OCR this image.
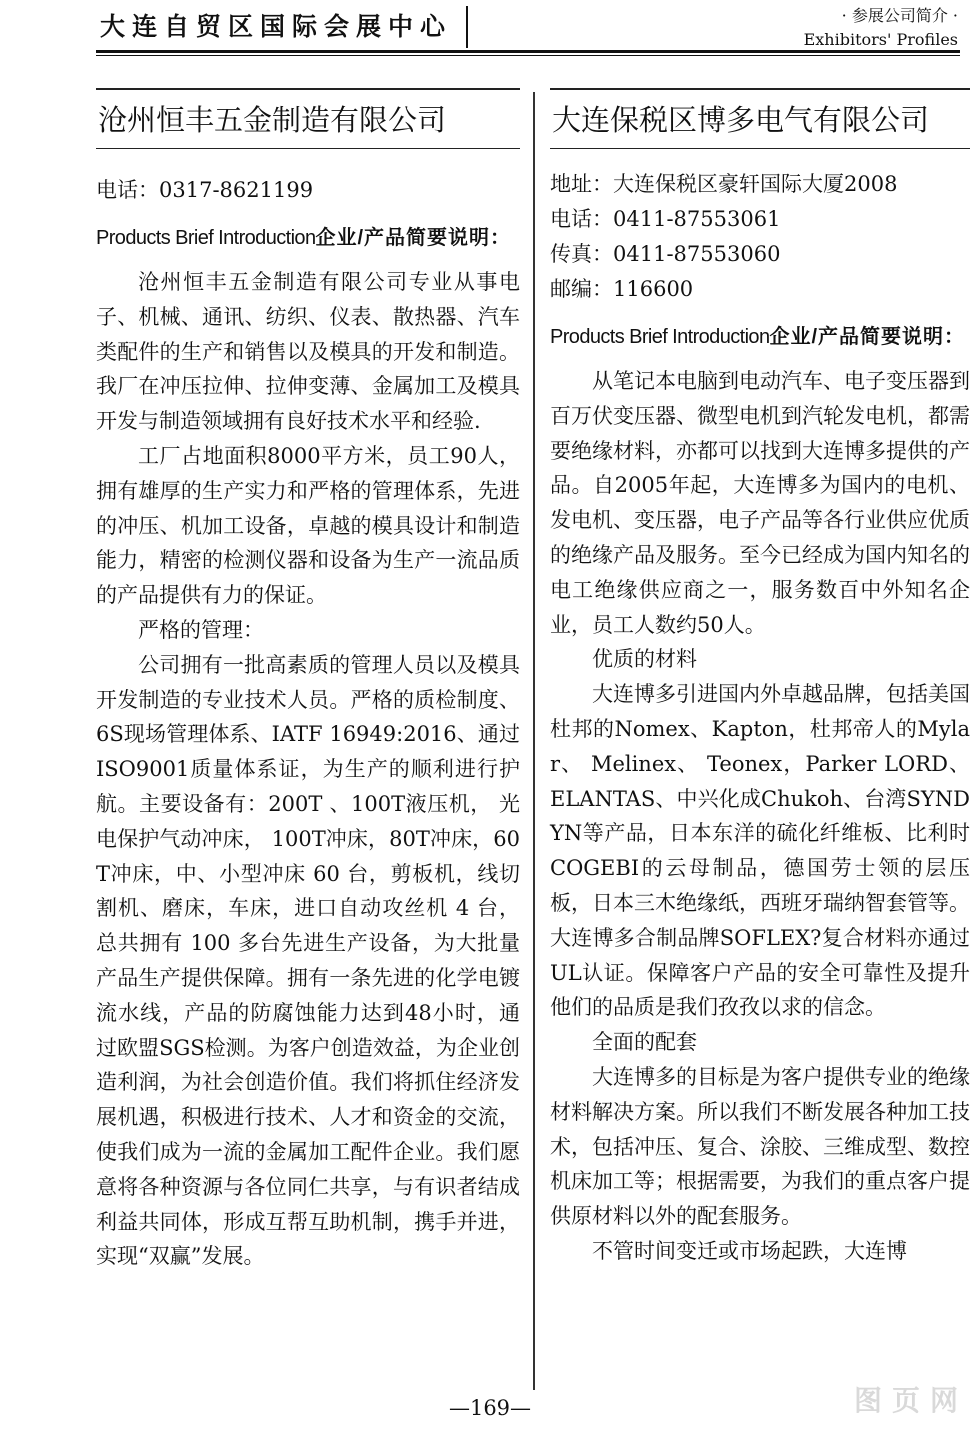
大连自贸区国际会展中心	· 参展公司简介 ·
Exhibitors' Profiles
沧州恒丰五金制造有限公司
电话：0317-8621199
Products Brief Introduction企业/产品简要说明：

沧州恒丰五金制造有限公司专业从事电子、机械、通讯、纺织、仪表、散热器、汽车类配件的生产和销售以及模具的开发和制造。我厂在冲压拉伸、拉伸变薄、金属加工及模具开发与制造领域拥有良好技术水平和经验.

工厂占地面积8000平方米，员工90人，拥有雄厚的生产实力和严格的管理体系，先进的冲压、机加工设备，卓越的模具设计和制造能力，精密的检测仪器和设备为生产一流品质的产品提供有力的保证。

严格的管理：

公司拥有一批高素质的管理人员以及模具开发制造的专业技术人员。严格的质检制度、6S现场管理体系、IATF 16949:2016、通过ISO9001质量体系证，为生产的顺利进行护航。主要设备有：200T 、100T液压机， 光电保护气动冲床， 100T冲床，80T冲床，60T冲床，中、小型冲床 60 台，剪板机，线切割机、磨床，车床，进口自动攻丝机 4 台，总共拥有 100 多台先进生产设备，为大批量产品生产提供保障。拥有一条先进的化学电镀流水线，产品的防腐蚀能力达到48小时，通过欧盟SGS检测。为客户创造效益，为企业创造利润，为社会创造价值。我们将抓住经济发展机遇，积极进行技术、人才和资金的交流，使我们成为一流的金属加工配件企业。我们愿意将各种资源与各位同仁共享，与有识者结成利益共同体，形成互帮互助机制，携手并进，实现“双赢”发展。

大连保税区博多电气有限公司
地址：大连保税区豪轩国际大厦2008
电话：0411-87553061
传真：0411-87553060
邮编：116600
Products Brief Introduction企业/产品简要说明：

从笔记本电脑到电动汽车、电子变压器到百万伏变压器、微型电机到汽轮发电机，都需要绝缘材料，亦都可以找到大连博多提供的产品。自2005年起，大连博多为国内的电机、发电机、变压器，电子产品等各行业供应优质的绝缘产品及服务。至今已经成为国内知名的电工绝缘供应商之一，服务数百中外知名企业，员工人数约50人。

优质的材料

大连博多引进国内外卓越品牌，包括美国杜邦的Nomex、Kapton，杜邦帝人的Mylar、 Melinex、 Teonex，Parker LORD、 ELANTAS、中兴化成Chukoh、台湾SYNDYN等产品，日本东洋的硫化纤维板、比利时COGEBI的云母制品，德国劳士领的层压板，日本三木绝缘纸，西班牙瑞纳智套管等。大连博多合制品牌SOFLEX?复合材料亦通过UL认证。保障客户产品的安全可靠性及提升他们的品质是我们孜孜以求的信念。

全面的配套

大连博多的目标是为客户提供专业的绝缘材料解决方案。所以我们不断发展各种加工技术，包括冲压、复合、涂胶、三维成型、数控机床加工等；根据需要，为我们的重点客户提供原材料以外的配套服务。

不管时间变迁或市场起跌，大连博

—169—	图页网
